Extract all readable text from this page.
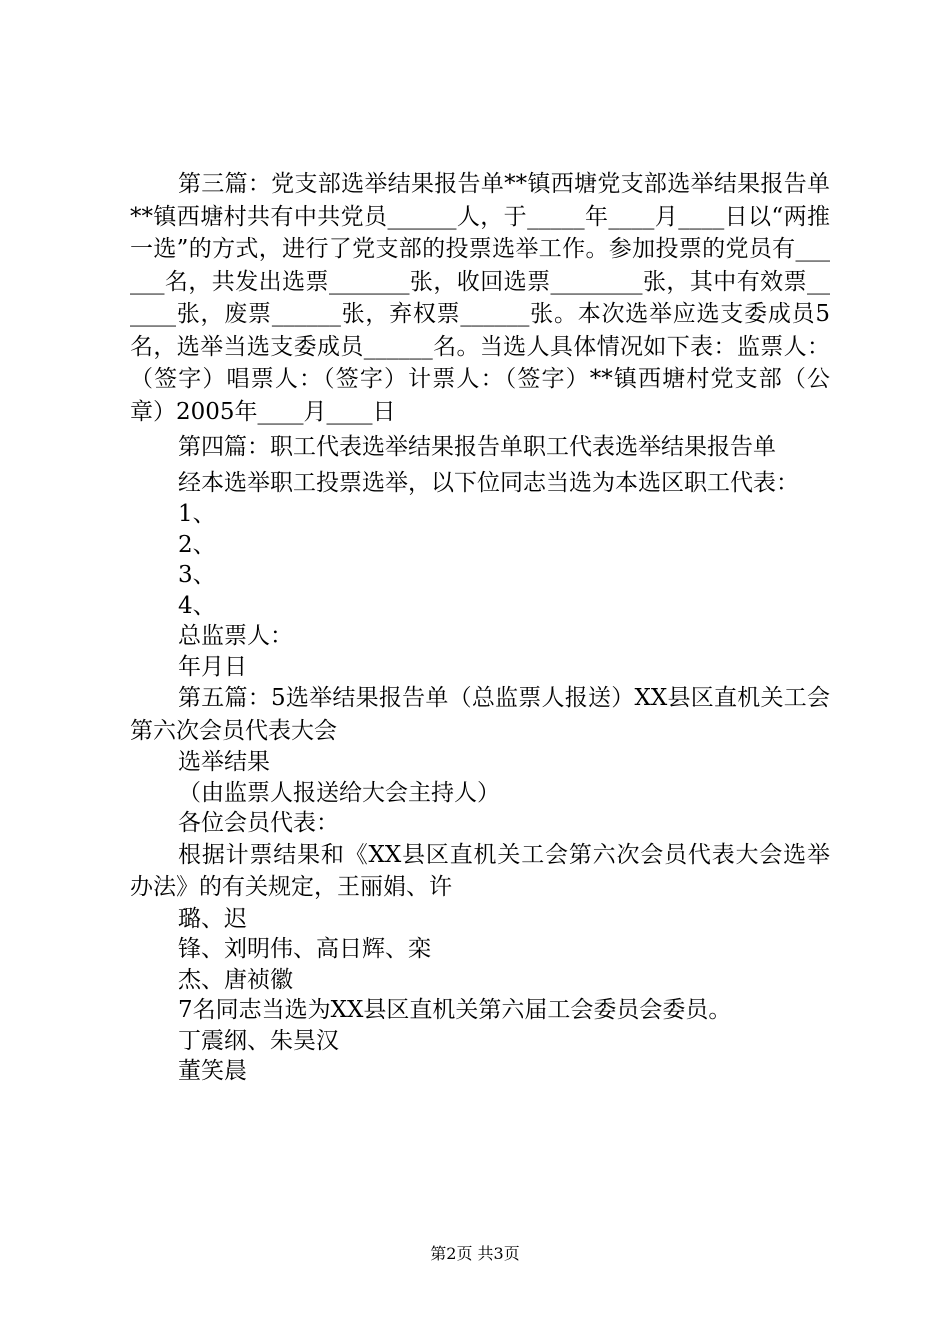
第三篇：党支部选举结果报告单**镇西塘党支部选举结果报告单**镇西塘村共有中共党员______人，于_____年____月____日以“两推一选”的方式，进行了党支部的投票选举工作。参加投票的党员有______名，共发出选票_______张，收回选票________张，其中有效票______张，废票______张，弃权票______张。本次选举应选支委成员5名，选举当选支委成员______名。当选人具体情况如下表：监票人：（签字）唱票人：（签字）计票人：（签字）**镇西塘村党支部（公章）2005年____月____日

第四篇：职工代表选举结果报告单职工代表选举结果报告单

经本选举职工投票选举，以下位同志当选为本选区职工代表：

1、

2、

3、

4、

总监票人：

年月日

第五篇：5选举结果报告单（总监票人报送）XX县区直机关工会第六次会员代表大会

选举结果

（由监票人报送给大会主持人）

各位会员代表：

根据计票结果和《XX县区直机关工会第六次会员代表大会选举办法》的有关规定，王丽娟、许

璐、迟

锋、刘明伟、高日辉、栾

杰、唐祯徽

7名同志当选为XX县区直机关第六届工会委员会委员。

丁震纲、朱昊汉

董笑晨

第2页 共3页
